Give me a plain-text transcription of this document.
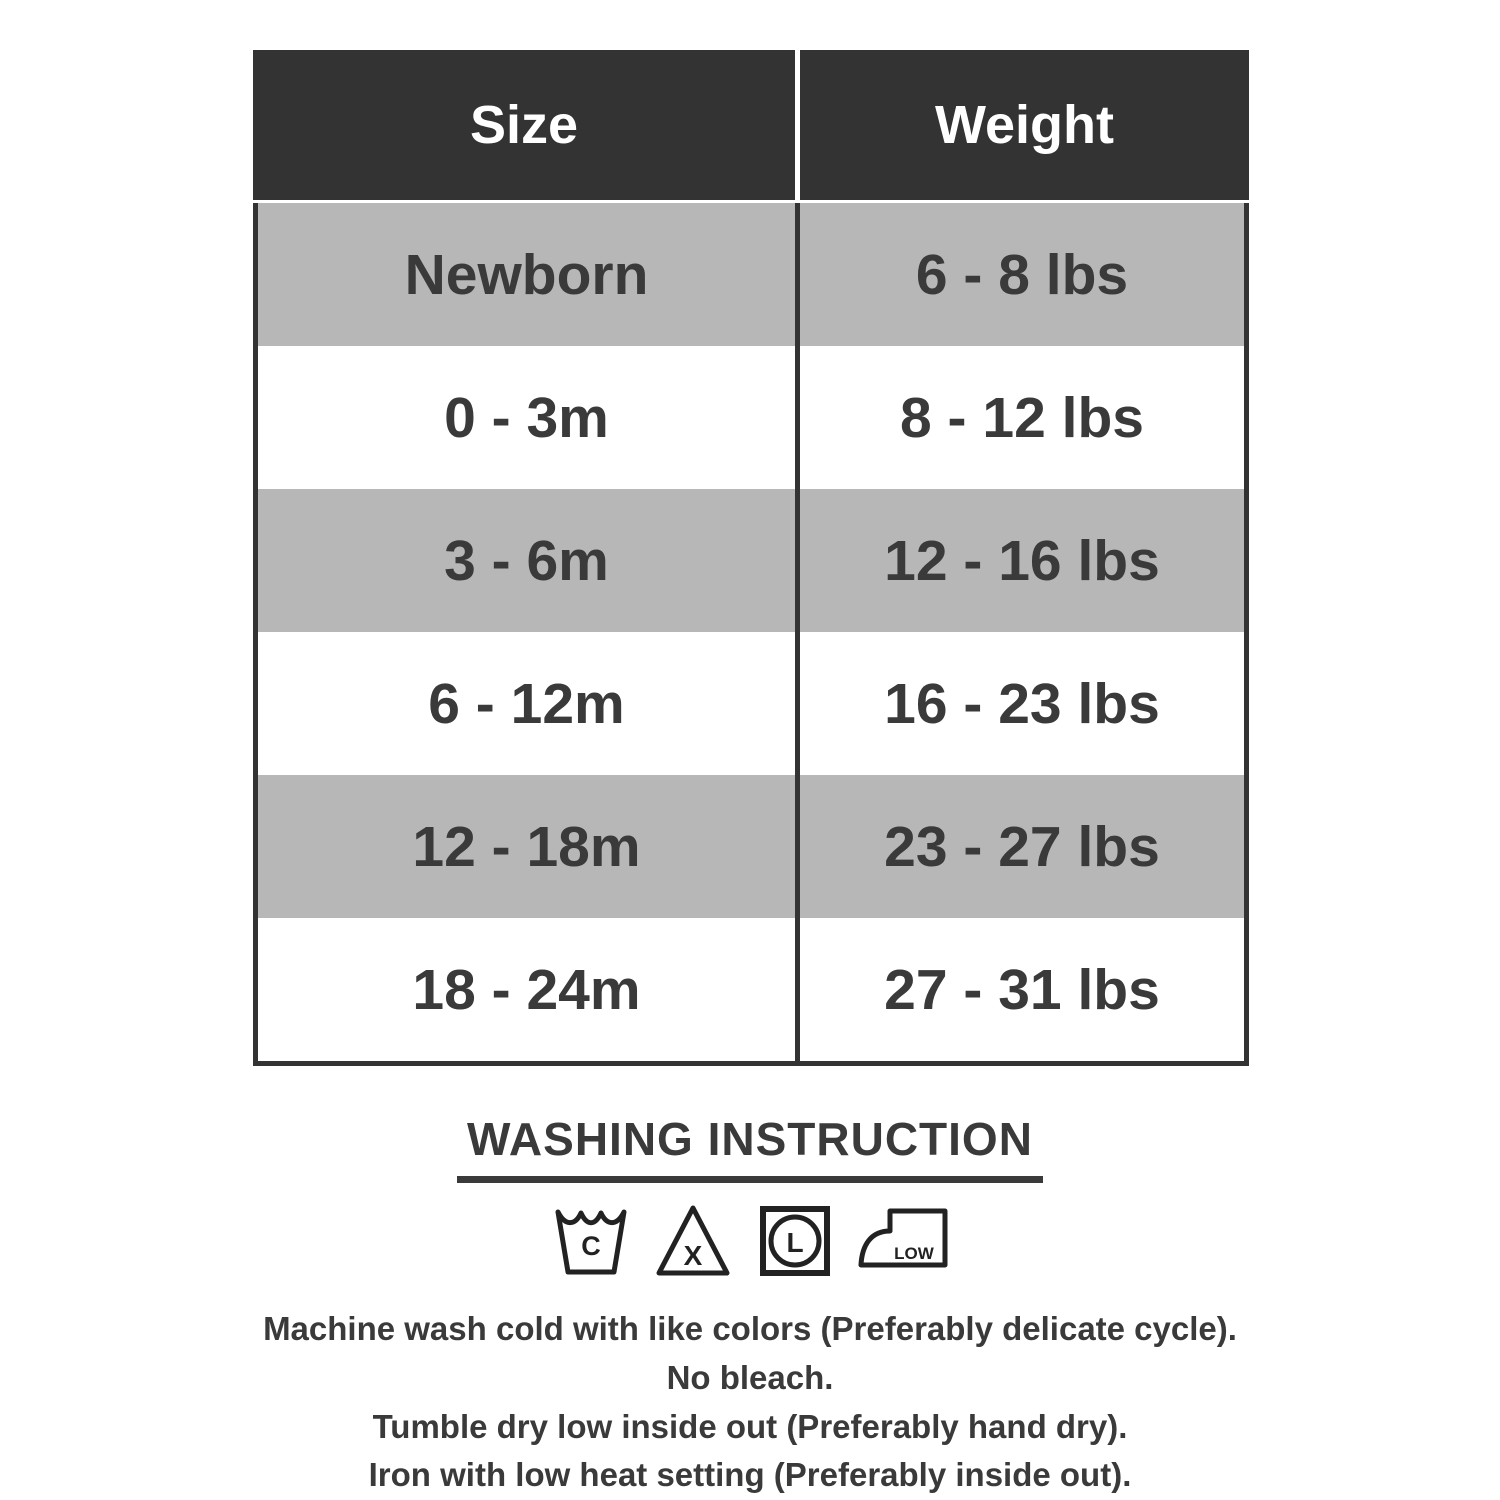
Size	Weight
Newborn	6 - 8 lbs
0 - 3m	8 - 12 lbs
3 - 6m	12 - 16 lbs
6 - 12m	16 - 23 lbs
12 - 18m	23 - 27 lbs
18 - 24m	27 - 31 lbs
WASHING INSTRUCTION
C	X	L	LOW

Machine wash cold with like colors (Preferably delicate cycle).

No bleach.

Tumble dry low inside out (Preferably hand dry).

Iron with low heat setting (Preferably inside out).
